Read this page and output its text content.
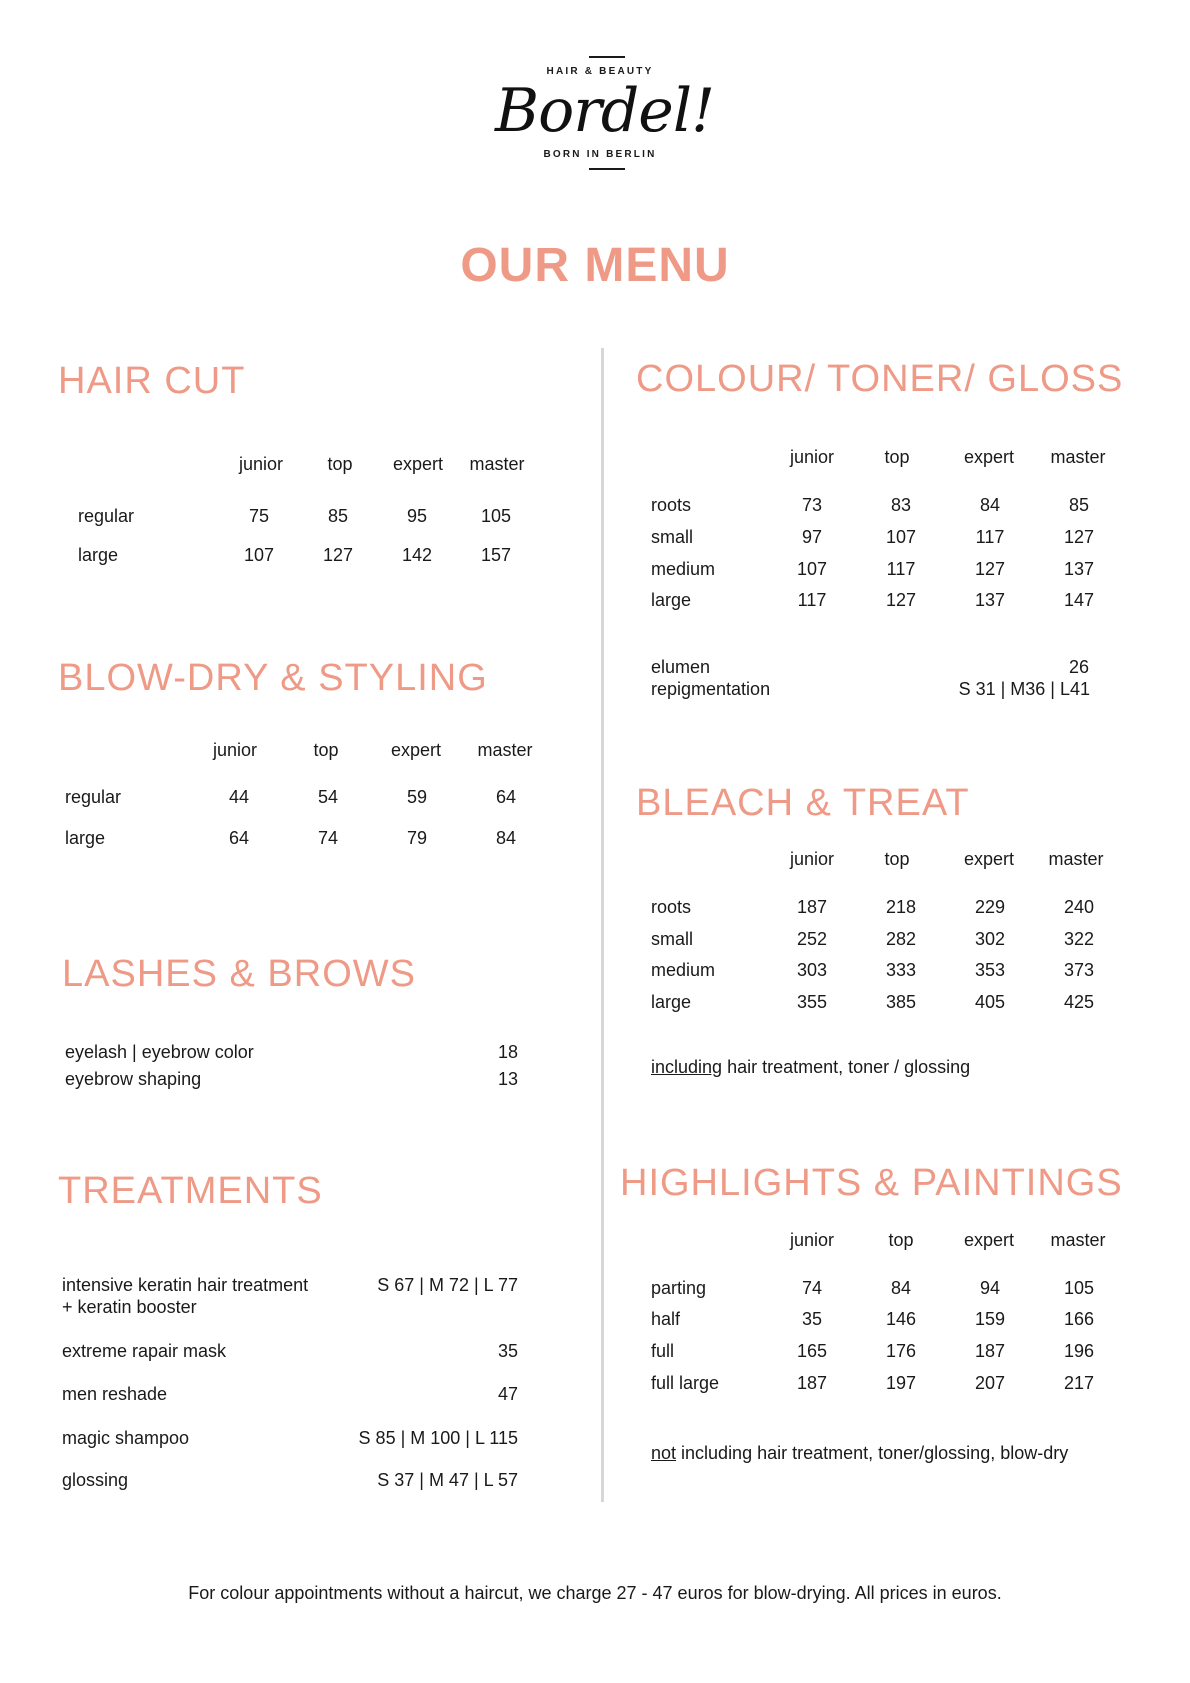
HAIR & BEAUTY
Bordel!
BORN IN BERLIN
OUR MENU
HAIR CUT
junior	top	expert	master
regular	75	85	95	105
large	107	127	142	157
BLOW-DRY & STYLING
junior	top	expert	master
regular	44	54	59	64
large	64	74	79	84
LASHES & BROWS
eyelash | eyebrow color	18
eyebrow shaping	13
TREATMENTS
intensive keratin hair treatment
+ keratin booster
S 67 | M 72 | L 77
extreme rapair mask	35
men reshade	47
magic shampoo	S 85 | M 100 | L 115
glossing	S 37 | M 47 | L 57
COLOUR/ TONER/ GLOSS
junior	top	expert	master
roots	73	83	84	85
small	97	107	117	127
medium	107	117	127	137
large	117	127	137	147
elumen	26
repigmentation	S 31 | M36 | L41
BLEACH & TREAT
junior	top	expert	master
roots	187	218	229	240
small	252	282	302	322
medium	303	333	353	373
large	355	385	405	425
including hair treatment, toner / glossing
HIGHLIGHTS & PAINTINGS
junior	top	expert	master
parting	74	84	94	105
half	35	146	159	166
full	165	176	187	196
full large	187	197	207	217
not including hair treatment, toner/glossing, blow-dry
For colour appointments without a haircut, we charge 27 - 47 euros for blow-drying. All prices in euros.
